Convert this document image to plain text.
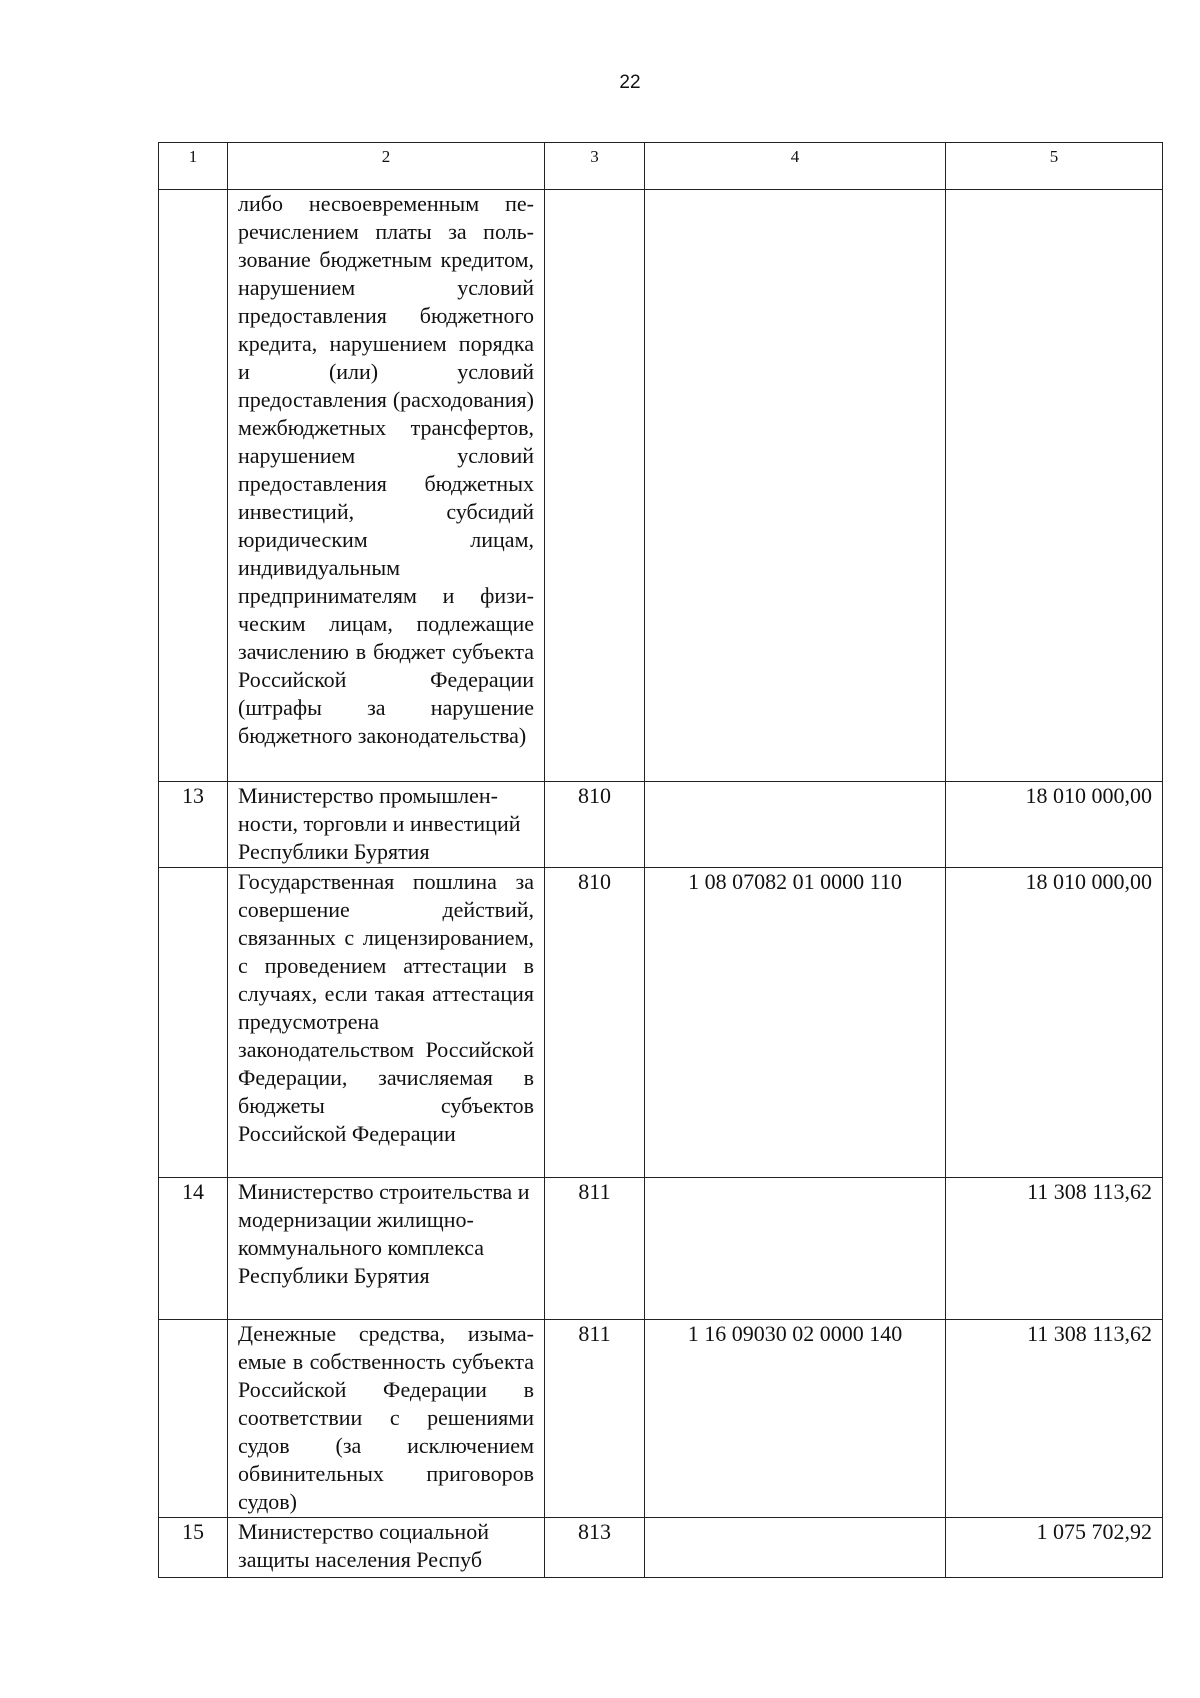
22
1	2	3	4	5

	либо несвоевременным перечислением платы за пользование бюджетным кредитом, нарушением условий предоставления бюджетного кредита, нарушением порядка и (или) условий предоставления (расходования) межбюджетных трансфертов, нарушением условий предоставления бюджетных инвестиций, субсидий юридическим лицам, индивидуальным предпринимателям и физическим лицам, подлежащие зачислению в бюджет субъекта Российской Федерации (штрафы за нарушение бюджетного законодательства)			

13	Министерство промышленности, торговли и инвестиций Республики Бурятия	810		18 010 000,00

	Государственная пошлина за совершение действий, связанных с лицензированием, с проведением аттестации в случаях, если такая аттестация предусмотрена законодательством Российской Федерации, зачисляемая в бюджеты субъектов Российской Федерации	810	1 08 07082 01 0000 110	18 010 000,00
14	Министерство строительства и модернизации жилищно-коммунального комплекса Республики Бурятия	811		11 308 113,62

	Денежные средства, изымаемые в собственность субъекта Российской Федерации в соответствии с решениями судов (за исключением обвинительных приговоров судов)	811	1 16 09030 02 0000 140	11 308 113,62
15	Министерство социальной защиты населения Респуб	813		1 075 702,92
